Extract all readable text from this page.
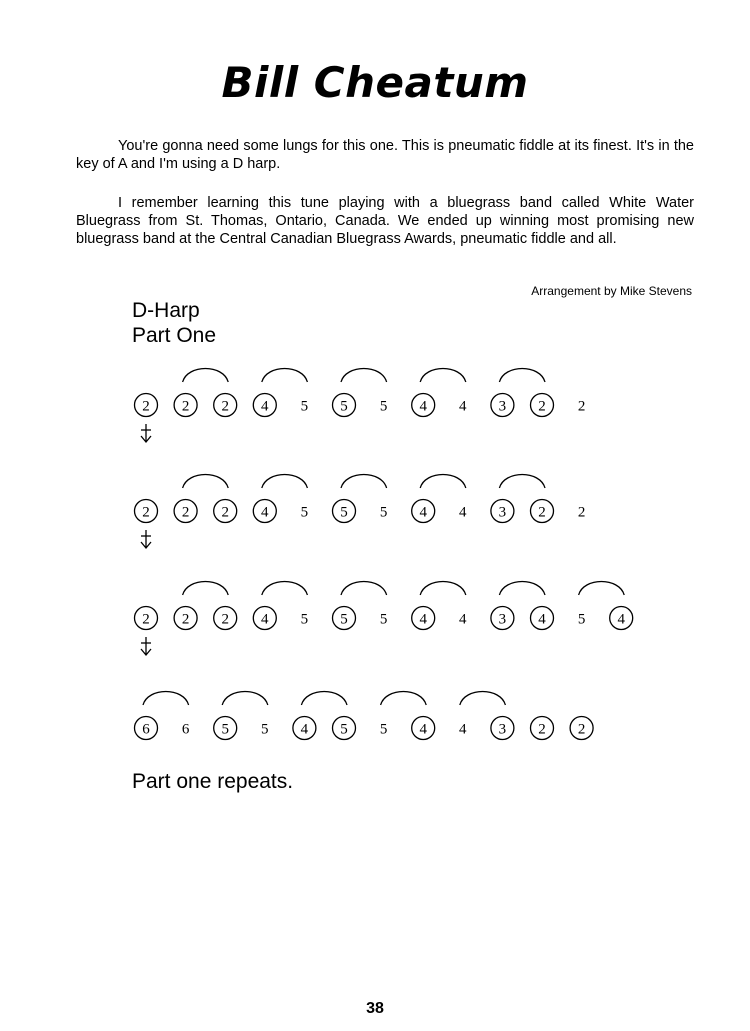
Bill Cheatum
You're gonna need some lungs for this one. This is pneumatic fiddle at its finest. It's in the key of A and I'm using a D harp.
I remember learning this tune playing with a bluegrass band called White Water Bluegrass from St. Thomas, Ontario, Canada. We ended up winning most promising new bluegrass band at the Central Canadian Bluegrass Awards, pneumatic fiddle and all.
Arrangement by Mike Stevens
D-Harp
Part One
2 2 2 4 5 5 5 4 4 3 2 2
2 2 2 4 5 5 5 4 4 3 2 2
2 2 2 4 5 5 5 4 4 3 4 5 4
6 6 5 5 4 5 5 4 4 3 2 2
Part one repeats.
38
